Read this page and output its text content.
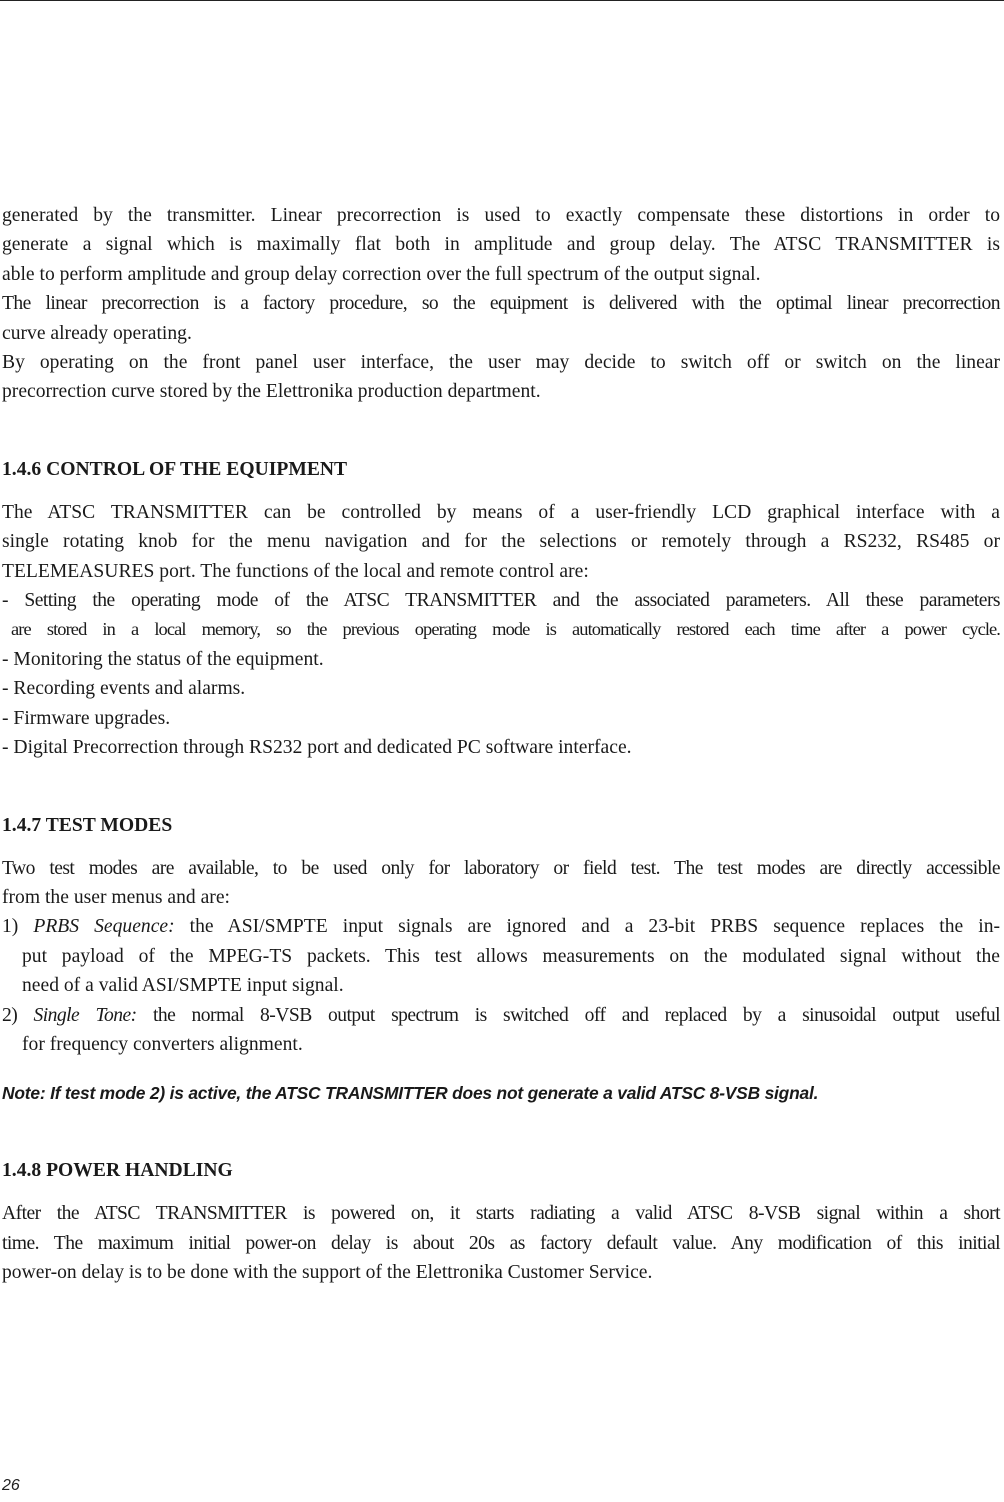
generated by the transmitter. Linear precorrection is used to exactly compensate these distortions in order to

generate a signal which is maximally flat both in amplitude and group delay. The ATSC TRANSMITTER is

able to perform amplitude and group delay correction over the full spectrum of the output signal.

The linear precorrection is a factory procedure, so the equipment is delivered with the optimal linear precorrection

curve already operating.

By operating on the front panel user interface, the user may decide to switch off or switch on the linear

precorrection curve stored by the Elettronika production department.

1.4.6 CONTROL OF THE EQUIPMENT

The ATSC TRANSMITTER can be controlled by means of a user-friendly LCD graphical interface with a

single rotating knob for the menu navigation and for the selections or remotely through a RS232, RS485 or

TELEMEASURES port. The functions of the local and remote control are:

- Setting the operating mode of the ATSC TRANSMITTER and the associated parameters. All these parameters

are stored in a local memory, so the previous operating mode is automatically restored each time after a power cycle.

- Monitoring the status of the equipment.

- Recording events and alarms.

- Firmware upgrades.

- Digital Precorrection through RS232 port and dedicated PC software interface.

1.4.7 TEST MODES

Two test modes are available, to be used only for laboratory or field test. The test modes are directly accessible

from the user menus and are:

1) PRBS Sequence: the ASI/SMPTE input signals are ignored and a 23-bit PRBS sequence replaces the in-

put payload of the MPEG-TS packets. This test allows measurements on the modulated signal without the

need of a valid ASI/SMPTE input signal.

2) Single Tone: the normal 8-VSB output spectrum is switched off and replaced by a sinusoidal output useful

for frequency converters alignment.

Note: If test mode 2) is active, the ATSC TRANSMITTER does not generate a valid ATSC 8-VSB signal.

1.4.8 POWER HANDLING

After the ATSC TRANSMITTER is powered on, it starts radiating a valid ATSC 8-VSB signal within a short

time. The maximum initial power-on delay is about 20s as factory default value. Any modification of this initial

power-on delay is to be done with the support of the Elettronika Customer Service.

26
